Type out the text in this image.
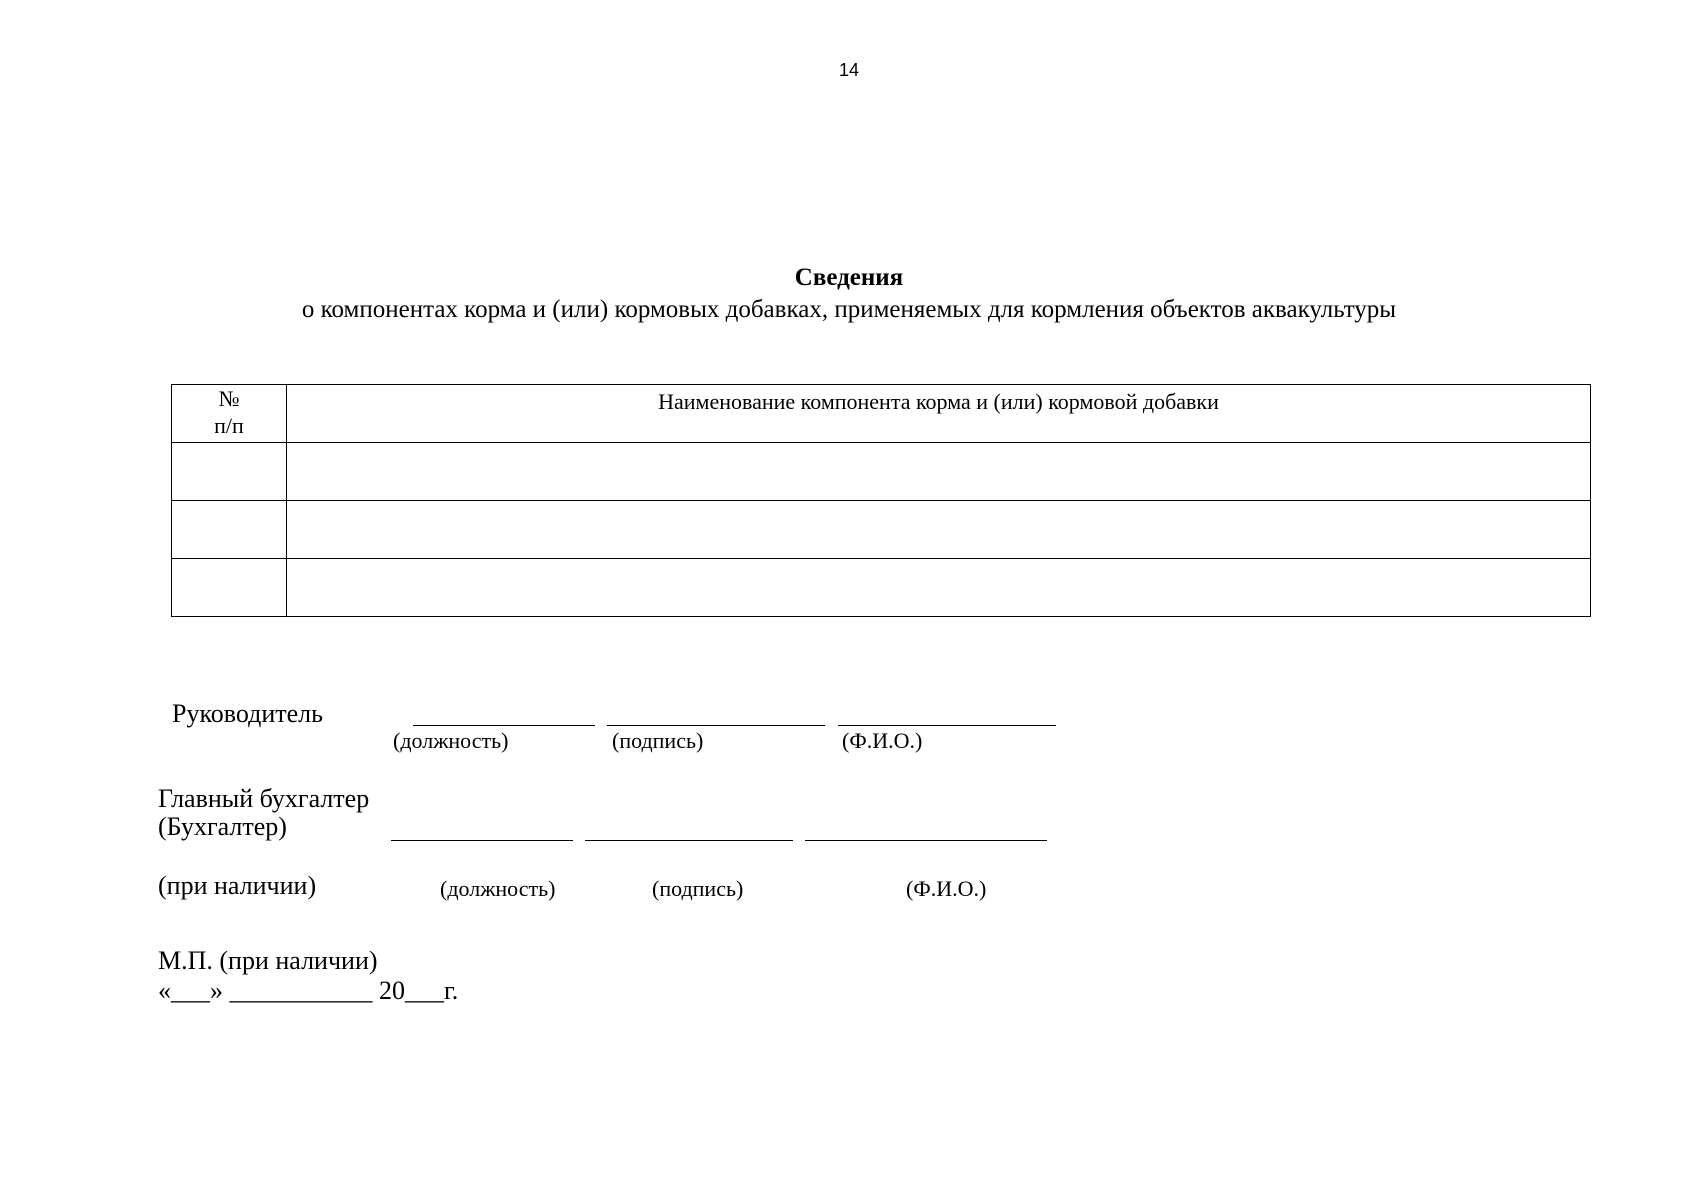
14
Сведения
о компонентах корма и (или) кормовых добавках, применяемых для кормления объектов аквакультуры
№
п/п	Наименование компонента корма и (или) кормовой добавки

Руководитель
(должность)	(подпись)	(Ф.И.О.)
Главный бухгалтер
(Бухгалтер)
(при наличии)	(должность)	(подпись)	(Ф.И.О.)
М.П. (при наличии)
«___» ___________ 20___г.
